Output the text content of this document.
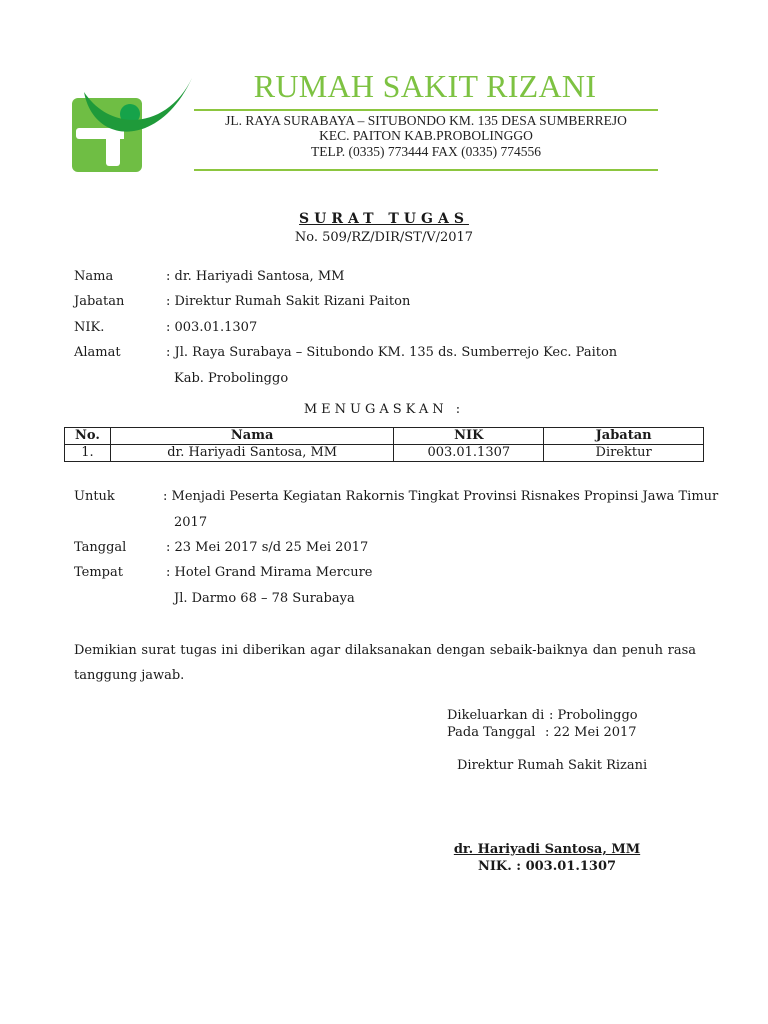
RUMAH SAKIT RIZANI
JL. RAYA SURABAYA – SITUBONDO KM. 135 DESA SUMBERREJO
KEC. PAITON KAB.PROBOLINGGO
TELP. (0335) 773444 FAX (0335) 774556
SURAT TUGAS
No. 509/RZ/DIR/ST/V/2017
Nama	: dr. Hariyadi Santosa, MM
Jabatan	: Direktur Rumah Sakit Rizani Paiton
NIK.	: 003.01.1307
Alamat	: Jl. Raya Surabaya – Situbondo KM. 135 ds. Sumberrejo Kec. Paiton
Kab. Probolinggo
MENUGASKAN :
No.	Nama	NIK	Jabatan
1.	dr. Hariyadi Santosa, MM	003.01.1307	Direktur
Untuk	: Menjadi Peserta Kegiatan Rakornis Tingkat Provinsi Risnakes Propinsi Jawa Timur
2017
Tanggal	: 23 Mei 2017 s/d 25 Mei 2017
Tempat	: Hotel Grand Mirama Mercure
Jl. Darmo 68 – 78 Surabaya
Demikian surat tugas ini diberikan agar dilaksanakan dengan sebaik-baiknya dan penuh rasa tanggung jawab.
Dikeluarkan di : Probolinggo
Pada Tanggal : 22 Mei 2017
Direktur Rumah Sakit Rizani
dr. Hariyadi Santosa, MM
NIK. : 003.01.1307
